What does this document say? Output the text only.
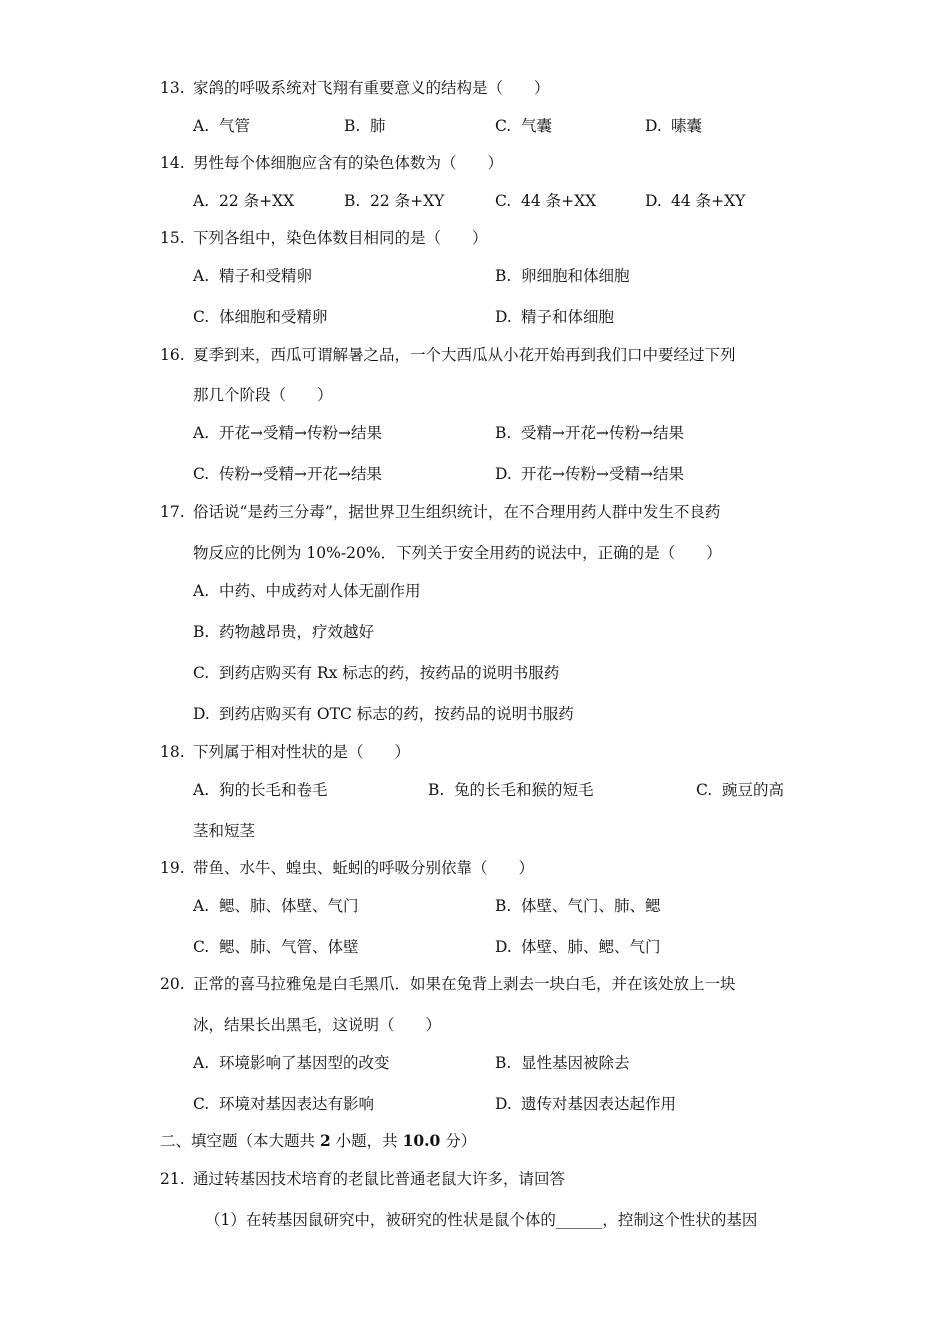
13. 家鸽的呼吸系统对飞翔有重要意义的结构是（　　）
A. 气管	B. 肺	C. 气囊	D. 嗉囊
14. 男性每个体细胞应含有的染色体数为（　　）
A. 22 条+XX	B. 22 条+XY	C. 44 条+XX	D. 44 条+XY
15. 下列各组中，染色体数目相同的是（　　）
A. 精子和受精卵	B. 卵细胞和体细胞
C. 体细胞和受精卵	D. 精子和体细胞
16. 夏季到来，西瓜可谓解暑之品，一个大西瓜从小花开始再到我们口中要经过下列
那几个阶段（　　）
A. 开花→受精→传粉→结果	B. 受精→开花→传粉→结果
C. 传粉→受精→开花→结果	D. 开花→传粉→受精→结果
17. 俗话说“是药三分毒”，据世界卫生组织统计，在不合理用药人群中发生不良药
物反应的比例为 10%-20%．下列关于安全用药的说法中，正确的是（　　）
A. 中药、中成药对人体无副作用
B. 药物越昂贵，疗效越好
C. 到药店购买有 Rx 标志的药，按药品的说明书服药
D. 到药店购买有 OTC 标志的药，按药品的说明书服药
18. 下列属于相对性状的是（　　）
A. 狗的长毛和卷毛	B. 兔的长毛和猴的短毛	C. 豌豆的高
茎和短茎
19. 带鱼、水牛、蝗虫、蚯蚓的呼吸分别依靠（　　）
A. 鳃、肺、体壁、气门	B. 体壁、气门、肺、鳃
C. 鳃、肺、气管、体壁	D. 体壁、肺、鳃、气门
20. 正常的喜马拉雅兔是白毛黑爪．如果在兔背上剥去一块白毛，并在该处放上一块
冰，结果长出黑毛，这说明（　　）
A. 环境影响了基因型的改变	B. 显性基因被除去
C. 环境对基因表达有影响	D. 遗传对基因表达起作用
二、填空题（本大题共 2 小题，共 10.0 分）
21. 通过转基因技术培育的老鼠比普通老鼠大许多，请回答
（1）在转基因鼠研究中，被研究的性状是鼠个体的______，控制这个性状的基因
